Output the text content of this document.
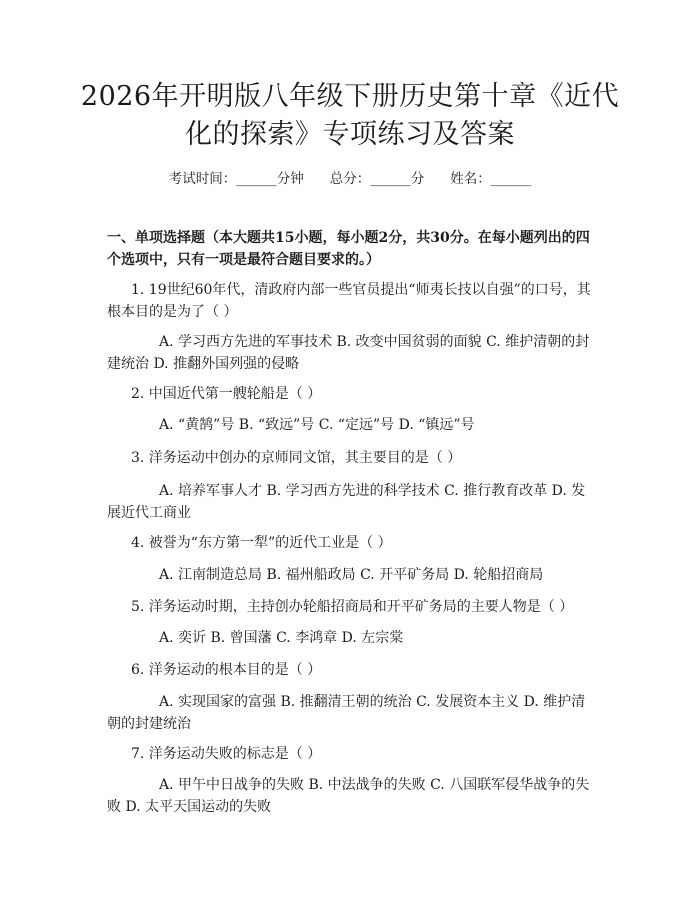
2026年开明版八年级下册历史第十章《近代
化的探索》专项练习及答案
考试时间：______分钟 总分：______分 姓名：______

一、单项选择题（本大题共15小题，每小题2分，共30分。在每小题列出的四个选项中，只有一项是最符合题目要求的。）

1. 19世纪60年代，清政府内部一些官员提出“师夷长技以自强”的口号，其根本目的是为了（ ）

A. 学习西方先进的军事技术 B. 改变中国贫弱的面貌 C. 维护清朝的封建统治 D. 推翻外国列强的侵略

2. 中国近代第一艘轮船是（ ）

A. “黄鹄”号 B. “致远”号 C. “定远”号 D. “镇远”号

3. 洋务运动中创办的京师同文馆，其主要目的是（ ）

A. 培养军事人才 B. 学习西方先进的科学技术 C. 推行教育改革 D. 发展近代工商业

4. 被誉为“东方第一犁”的近代工业是（ ）

A. 江南制造总局 B. 福州船政局 C. 开平矿务局 D. 轮船招商局

5. 洋务运动时期，主持创办轮船招商局和开平矿务局的主要人物是（ ）

A. 奕䜣 B. 曾国藩 C. 李鸿章 D. 左宗棠

6. 洋务运动的根本目的是（ ）

A. 实现国家的富强 B. 推翻清王朝的统治 C. 发展资本主义 D. 维护清朝的封建统治

7. 洋务运动失败的标志是（ ）

A. 甲午中日战争的失败 B. 中法战争的失败 C. 八国联军侵华战争的失败 D. 太平天国运动的失败
